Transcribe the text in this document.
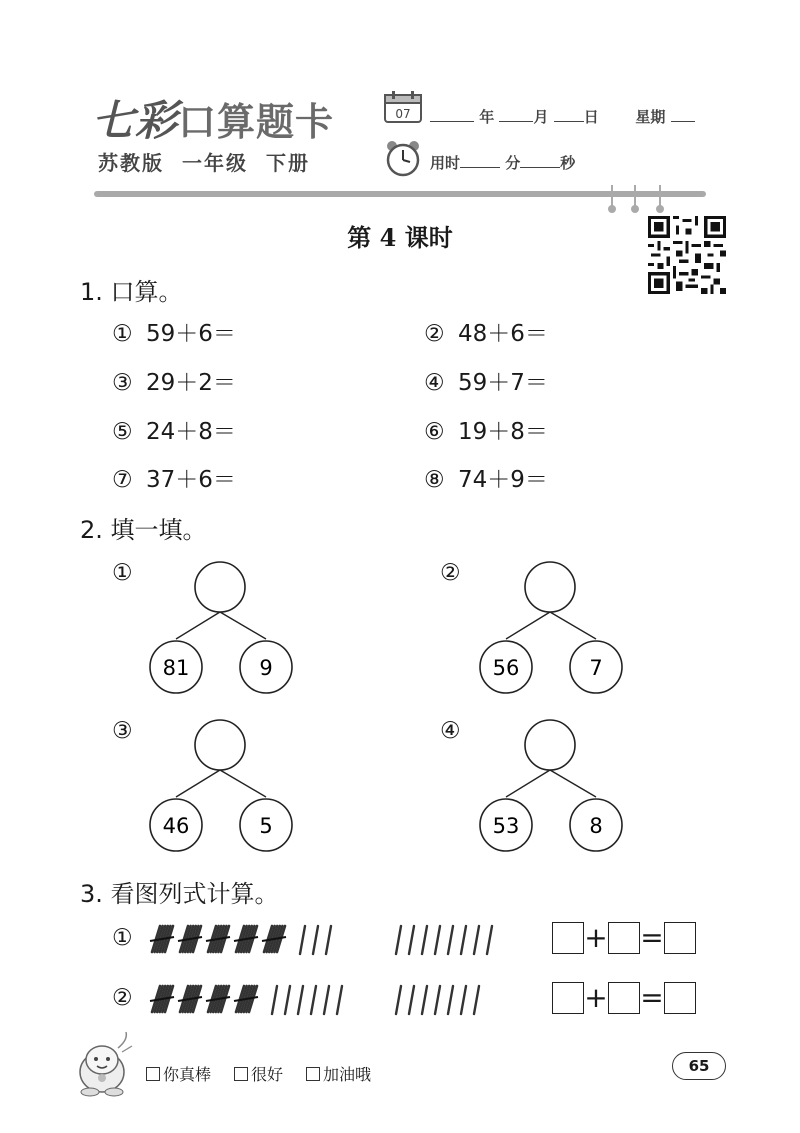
七彩口算题卡
苏教版 一年级 下册
07	年	月 日 星期
用时	分	秒
第 4 课时
1. 口算。
① 59＋6＝	② 48＋6＝
③ 29＋2＝	④ 59＋7＝
⑤ 24＋8＝	⑥ 19＋8＝
⑦ 37＋6＝	⑧ 74＋9＝
2. 填一填。
①
81	9
②
56	7
③
46	5
④
53	8
3. 看图列式计算。
①	+ =
②	+ =
你真棒	很好	加油哦	65
